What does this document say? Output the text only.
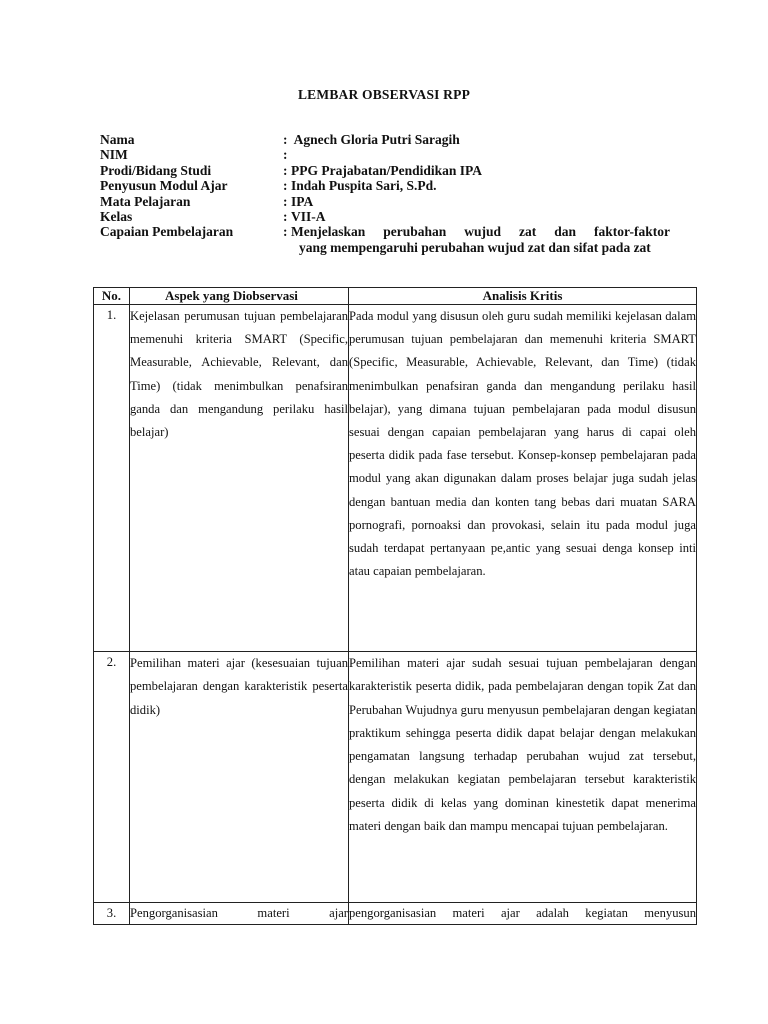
LEMBAR OBSERVASI RPP
Nama	: Agnech Gloria Putri Saragih
NIM	:
Prodi/Bidang Studi	: PPG Prajabatan/Pendidikan IPA
Penyusun Modul Ajar	: Indah Puspita Sari, S.Pd.
Mata Pelajaran	: IPA
Kelas	: VII-A
Capaian Pembelajaran	: Menjelaskan perubahan wujud zat dan faktor-faktor
yang mempengaruhi perubahan wujud zat dan sifat pada zat
No.	Aspek yang Diobservasi	Analisis Kritis
1.	Kejelasan perumusan tujuan pembelajaran memenuhi kriteria SMART (Specific, Measurable, Achievable, Relevant, dan Time) (tidak menimbulkan penafsiran ganda dan mengandung perilaku hasil belajar)	Pada modul yang disusun oleh guru sudah memiliki kejelasan dalam perumusan tujuan pembelajaran dan memenuhi kriteria SMART (Specific, Measurable, Achievable, Relevant, dan Time) (tidak menimbulkan penafsiran ganda dan mengandung perilaku hasil belajar), yang dimana tujuan pembelajaran pada modul disusun sesuai dengan capaian pembelajaran yang harus di capai oleh peserta didik pada fase tersebut. Konsep-konsep pembelajaran pada modul yang akan digunakan dalam proses belajar juga sudah jelas dengan bantuan media dan konten tang bebas dari muatan SARA pornografi, pornoaksi dan provokasi, selain itu pada modul juga sudah terdapat pertanyaan pe,antic yang sesuai denga konsep inti atau capaian pembelajaran.
2.	Pemilihan materi ajar (kesesuaian tujuan pembelajaran dengan karakteristik peserta didik)	Pemilihan materi ajar sudah sesuai tujuan pembelajaran dengan karakteristik peserta didik, pada pembelajaran dengan topik Zat dan Perubahan Wujudnya guru menyusun pembelajaran dengan kegiatan praktikum sehingga peserta didik dapat belajar dengan melakukan pengamatan langsung terhadap perubahan wujud zat tersebut, dengan melakukan kegiatan pembelajaran tersebut karakteristik peserta didik di kelas yang dominan kinestetik dapat menerima materi dengan baik dan mampu mencapai tujuan pembelajaran.
3.	Pengorganisasian materi ajar	pengorganisasian materi ajar adalah kegiatan menyusun
